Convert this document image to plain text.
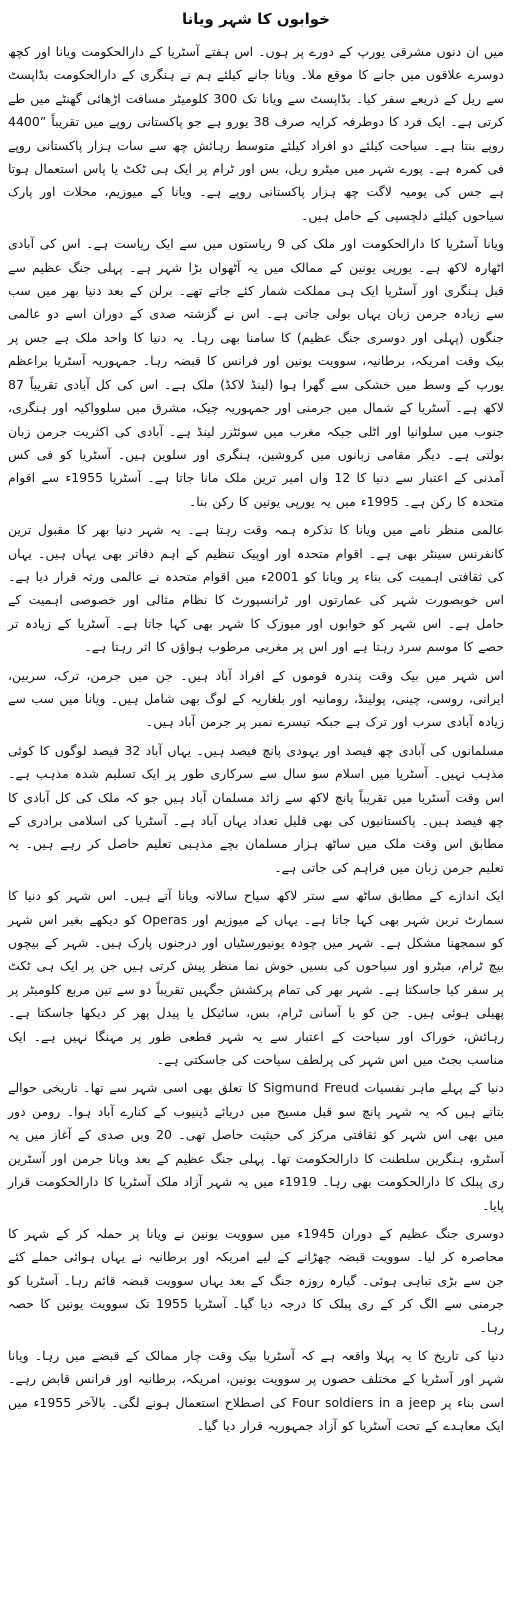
خوابوں کا شہر ویانا
میں ان دنوں مشرقی یورپ کے دورے پر ہوں۔ اس ہفتے آسٹریا کے دارالحکومت ویانا اور کچھ دوسرے علاقوں میں جانے کا موقع ملا۔ ویانا جانے کیلئے ہم نے ہنگری کے دارالحکومت بڈاپسٹ سے ریل کے ذریعے سفر کیا۔ بڈاپسٹ سے ویانا تک 300 کلومیٹر مسافت اڑھائی گھنٹے میں طے کرتی ہے۔ ایک فرد کا دوطرفہ کرایہ صرف 38 یورو ہے جو پاکستانی روپے میں تقریباً ”4400 روپے بنتا ہے۔ سیاحت کیلئے دو افراد کیلئے متوسط رہائش چھ سے سات ہزار پاکستانی روپے فی کمرہ ہے۔ پورے شہر میں میٹرو ریل، بس اور ٹرام پر ایک ہی ٹکٹ یا پاس استعمال ہوتا ہے جس کی یومیہ لاگت چھ ہزار پاکستانی روپے ہے۔ ویانا کے میوزیم، محلات اور پارک سیاحوں کیلئے دلچسپی کے حامل ہیں۔
ویانا آسٹریا کا دارالحکومت اور ملک کی 9 ریاستوں میں سے ایک ریاست ہے۔ اس کی آبادی اٹھارہ لاکھ ہے۔ یورپی یونین کے ممالک میں یہ آٹھواں بڑا شہر ہے۔ پہلی جنگ عظیم سے قبل ہنگری اور آسٹریا ایک ہی مملکت شمار کئے جاتے تھے۔ برلن کے بعد دنیا بھر میں سب سے زیادہ جرمن زبان یہاں بولی جاتی ہے۔ اس نے گزشتہ صدی کے دوران اسے دو عالمی جنگوں (پہلی اور دوسری جنگ عظیم) کا سامنا بھی رہا۔ یہ دنیا کا واحد ملک ہے جس پر بیک وقت امریکہ، برطانیہ، سوویت یونین اور فرانس کا قبضہ رہا۔ جمہوریہ آسٹریا براعظم یورپ کے وسط میں خشکی سے گھرا ہوا (لینڈ لاکڈ) ملک ہے۔ اس کی کل آبادی تقریباً 87 لاکھ ہے۔ آسٹریا کے شمال میں جرمنی اور جمہوریہ چیک، مشرق میں سلوواکیہ اور ہنگری، جنوب میں سلوانیا اور اٹلی جبکہ مغرب میں سوئٹزر لینڈ ہے۔ آبادی کی اکثریت جرمن زبان بولتی ہے۔ دیگر مقامی زبانوں میں کروشین، ہنگری اور سلوین ہیں۔ آسٹریا کو فی کس آمدنی کے اعتبار سے دنیا کا 12 واں امیر ترین ملک مانا جاتا ہے۔ آسٹریا 1955ء سے اقوام متحدہ کا رکن ہے۔ 1995ء میں یہ یورپی یونین کا رکن بنا۔
عالمی منظر نامے میں ویانا کا تذکرہ ہمہ وقت رہتا ہے۔ یہ شہر دنیا بھر کا مقبول ترین کانفرنس سینٹر بھی ہے۔ اقوام متحدہ اور اوپیک تنظیم کے اہم دفاتر بھی یہاں ہیں۔ یہاں کی ثقافتی اہمیت کی بناء پر ویانا کو 2001ء میں اقوام متحدہ نے عالمی ورثہ قرار دیا ہے۔ اس خوبصورت شہر کی عمارتوں اور ٹرانسپورٹ کا نظام مثالی اور خصوصی اہمیت کے حامل ہے۔ اس شہر کو خوابوں اور میوزک کا شہر بھی کہا جاتا ہے۔ آسٹریا کے زیادہ تر حصے کا موسم سرد رہتا ہے اور اس پر مغربی مرطوب ہواؤں کا اثر رہتا ہے۔
اس شہر میں بیک وقت پندرہ قوموں کے افراد آباد ہیں۔ جن میں جرمن، ترک، سربین، ایرانی، روسی، چینی، پولینڈ، رومانیہ اور بلغاریہ کے لوگ بھی شامل ہیں۔ ویانا میں سب سے زیادہ آبادی سرب اور ترک ہے جبکہ تیسرے نمبر پر جرمن آباد ہیں۔
مسلمانوں کی آبادی چھ فیصد اور یہودی پانچ فیصد ہیں۔ یہاں آباد 32 فیصد لوگوں کا کوئی مذہب نہیں۔ آسٹریا میں اسلام سو سال سے سرکاری طور پر ایک تسلیم شدہ مذہب ہے۔ اس وقت آسٹریا میں تقریباً پانچ لاکھ سے زائد مسلمان آباد ہیں جو کہ ملک کی کل آبادی کا چھ فیصد ہیں۔ پاکستانیوں کی بھی قلیل تعداد یہاں آباد ہے۔ آسٹریا کی اسلامی برادری کے مطابق اس وقت ملک میں ساٹھ ہزار مسلمان بچے مذہبی تعلیم حاصل کر رہے ہیں۔ یہ تعلیم جرمن زبان میں فراہم کی جاتی ہے۔
ایک اندازے کے مطابق ساٹھ سے ستر لاکھ سیاح سالانہ ویانا آتے ہیں۔ اس شہر کو دنیا کا سمارٹ ترین شہر بھی کہا جاتا ہے۔ یہاں کے میوزیم اور Operas کو دیکھے بغیر اس شہر کو سمجھنا مشکل ہے۔ شہر میں چودہ یونیورسٹیاں اور درجنوں پارک ہیں۔ شہر کے بیچوں بیچ ٹرام، میٹرو اور سیاحوں کی بسیں خوش نما منظر پیش کرتی ہیں جن پر ایک ہی ٹکٹ پر سفر کیا جاسکتا ہے۔ شہر بھر کی تمام پرکشش جگہیں تقریباً دو سے تین مربع کلومیٹر پر پھیلی ہوئی ہیں۔ جن کو با آسانی ٹرام، بس، سائیکل یا پیدل پھر کر دیکھا جاسکتا ہے۔ رہائش، خوراک اور سیاحت کے اعتبار سے یہ شہر قطعی طور پر مہنگا نہیں ہے۔ ایک مناسب بجٹ میں اس شہر کی پرلطف سیاحت کی جاسکتی ہے۔
دنیا کے پہلے ماہر نفسیات Sigmund Freud کا تعلق بھی اسی شہر سے تھا۔ تاریخی حوالے بتاتے ہیں کہ یہ شہر پانچ سو قبل مسیح میں دریائے ڈینیوب کے کنارے آباد ہوا۔ رومن دور میں بھی اس شہر کو ثقافتی مرکز کی حیثیت حاصل تھی۔ 20 ویں صدی کے آغاز میں یہ آسٹرو، ہنگرین سلطنت کا دارالحکومت تھا۔ پہلی جنگ عظیم کے بعد ویانا جرمن اور آسٹرین ری پبلک کا دارالحکومت بھی رہا۔ 1919ء میں یہ شہر آزاد ملک آسٹریا کا دارالحکومت قرار پایا۔
دوسری جنگ عظیم کے دوران 1945ء میں سوویت یونین نے ویانا پر حملہ کر کے شہر کا محاصرہ کر لیا۔ سوویت قبضہ چھڑانے کے لیے امریکہ اور برطانیہ نے یہاں ہوائی حملے کئے جن سے بڑی تباہی ہوئی۔ گیارہ روزہ جنگ کے بعد یہاں سوویت قبضہ قائم رہا۔ آسٹریا کو جرمنی سے الگ کر کے ری پبلک کا درجہ دیا گیا۔ آسٹریا 1955 تک سوویت یونین کا حصہ رہا۔
دنیا کی تاریخ کا یہ پہلا واقعہ ہے کہ آسٹریا بیک وقت چار ممالک کے قبضے میں رہا۔ ویانا شہر اور آسٹریا کے مختلف حصوں پر سوویت یونین، امریکہ، برطانیہ اور فرانس قابض رہے۔ اسی بناء پر Four soldiers in a jeep کی اصطلاح استعمال ہونے لگی۔ بالآخر 1955ء میں ایک معاہدے کے تحت آسٹریا کو آزاد جمہوریہ قرار دیا گیا۔
